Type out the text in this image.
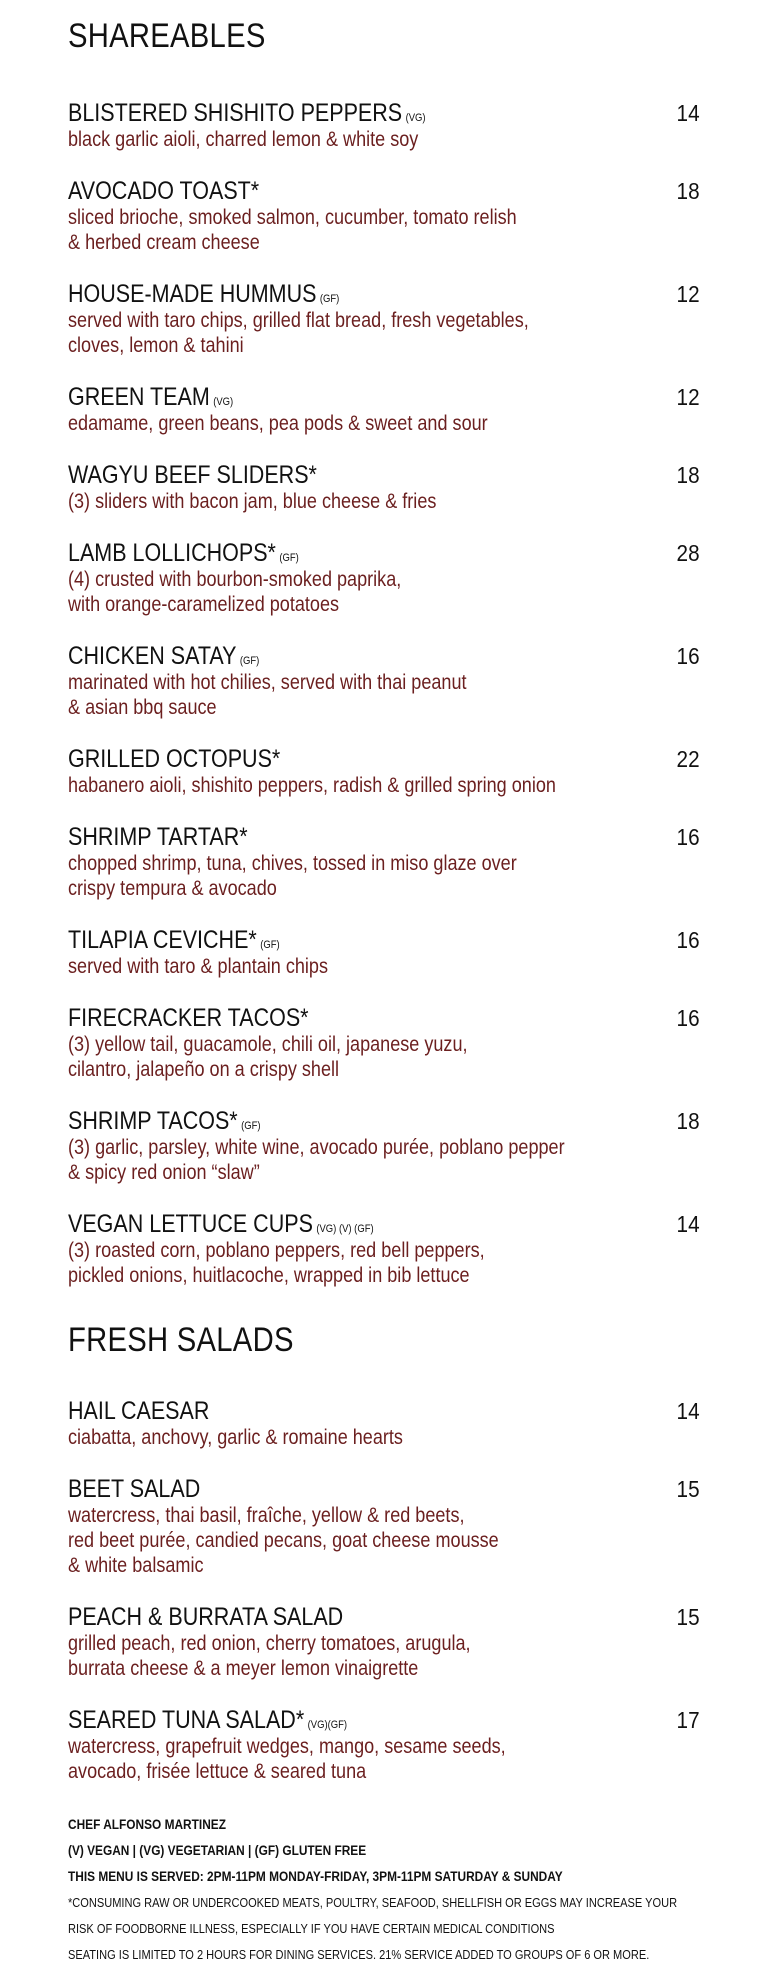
SHAREABLES
BLISTERED SHISHITO PEPPERS (VG)	14
black garlic aioli, charred lemon & white soy
AVOCADO TOAST*	18
sliced brioche, smoked salmon, cucumber, tomato relish
& herbed cream cheese
HOUSE-MADE HUMMUS (GF)	12
served with taro chips, grilled flat bread, fresh vegetables,
cloves, lemon & tahini
GREEN TEAM (VG)	12
edamame, green beans, pea pods & sweet and sour
WAGYU BEEF SLIDERS*	18
(3) sliders with bacon jam, blue cheese & fries
LAMB LOLLICHOPS* (GF)	28
(4) crusted with bourbon-smoked paprika,
with orange-caramelized potatoes
CHICKEN SATAY (GF)	16
marinated with hot chilies, served with thai peanut
& asian bbq sauce
GRILLED OCTOPUS*	22
habanero aioli, shishito peppers, radish & grilled spring onion
SHRIMP TARTAR*	16
chopped shrimp, tuna, chives, tossed in miso glaze over
crispy tempura & avocado
TILAPIA CEVICHE* (GF)	16
served with taro & plantain chips
FIRECRACKER TACOS*	16
(3) yellow tail, guacamole, chili oil, japanese yuzu,
cilantro, jalapeño on a crispy shell
SHRIMP TACOS* (GF)	18
(3) garlic, parsley, white wine, avocado purée, poblano pepper
& spicy red onion “slaw”
VEGAN LETTUCE CUPS (VG) (V) (GF)	14
(3) roasted corn, poblano peppers, red bell peppers,
pickled onions, huitlacoche, wrapped in bib lettuce
FRESH SALADS
HAIL CAESAR	14
ciabatta, anchovy, garlic & romaine hearts
BEET SALAD	15
watercress, thai basil, fraîche, yellow & red beets,
red beet purée, candied pecans, goat cheese mousse
& white balsamic
PEACH & BURRATA SALAD	15
grilled peach, red onion, cherry tomatoes, arugula,
burrata cheese & a meyer lemon vinaigrette
SEARED TUNA SALAD* (VG)(GF)	17
watercress, grapefruit wedges, mango, sesame seeds,
avocado, frisée lettuce & seared tuna
CHEF ALFONSO MARTINEZ
(V) VEGAN | (VG) VEGETARIAN | (GF) GLUTEN FREE
THIS MENU IS SERVED: 2PM-11PM MONDAY-FRIDAY, 3PM-11PM SATURDAY & SUNDAY
*CONSUMING RAW OR UNDERCOOKED MEATS, POULTRY, SEAFOOD, SHELLFISH OR EGGS MAY INCREASE YOUR
RISK OF FOODBORNE ILLNESS, ESPECIALLY IF YOU HAVE CERTAIN MEDICAL CONDITIONS
SEATING IS LIMITED TO 2 HOURS FOR DINING SERVICES. 21% SERVICE ADDED TO GROUPS OF 6 OR MORE.
